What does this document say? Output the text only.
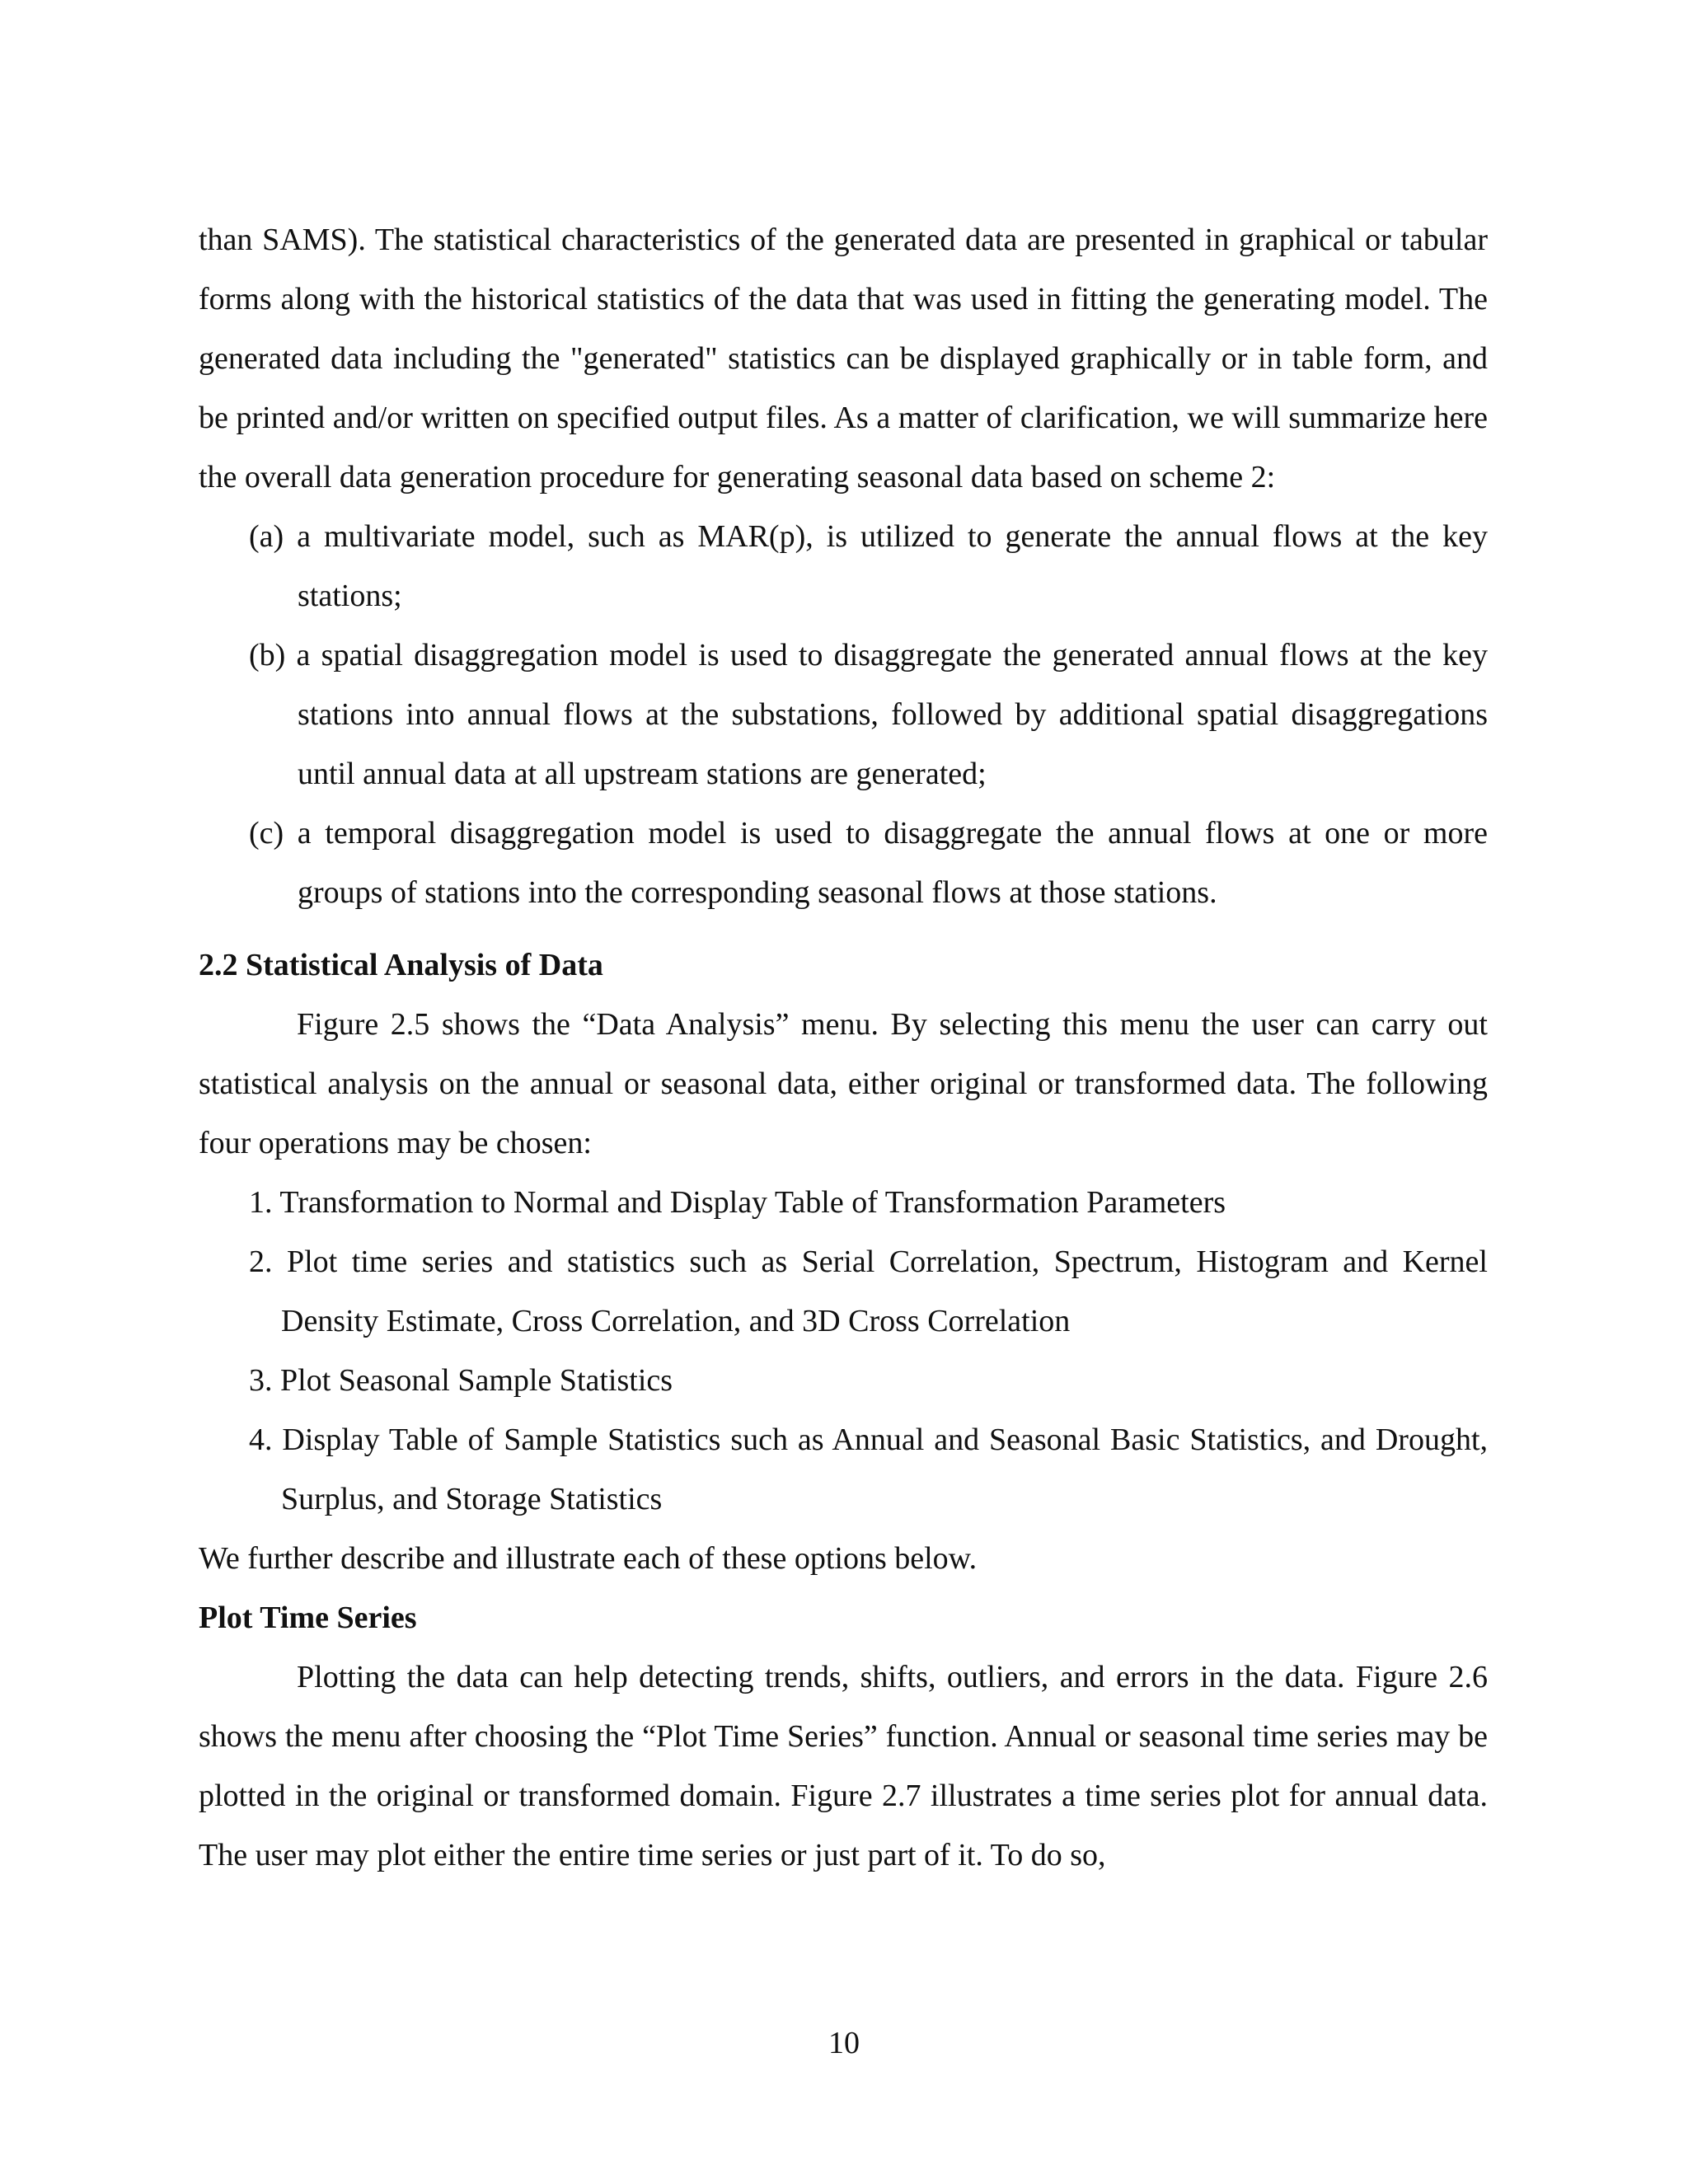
than SAMS). The statistical characteristics of the generated data are presented in graphical or tabular forms along with the historical statistics of the data that was used in fitting the generating model. The generated data including the "generated" statistics can be displayed graphically or in table form, and be printed and/or written on specified output files. As a matter of clarification, we will summarize here the overall data generation procedure for generating seasonal data based on scheme 2:

(a) a multivariate model, such as MAR(p), is utilized to generate the annual flows at the key stations;

(b) a spatial disaggregation model is used to disaggregate the generated annual flows at the key stations into annual flows at the substations, followed by additional spatial disaggregations until annual data at all upstream stations are generated;

(c) a temporal disaggregation model is used to disaggregate the annual flows at one or more groups of stations into the corresponding seasonal flows at those stations.

2.2 Statistical Analysis of Data

Figure 2.5 shows the “Data Analysis” menu. By selecting this menu the user can carry out statistical analysis on the annual or seasonal data, either original or transformed data. The following four operations may be chosen:

1. Transformation to Normal and Display Table of Transformation Parameters

2. Plot time series and statistics such as Serial Correlation, Spectrum, Histogram and Kernel Density Estimate, Cross Correlation, and 3D Cross Correlation

3. Plot Seasonal Sample Statistics

4. Display Table of Sample Statistics such as Annual and Seasonal Basic Statistics, and Drought, Surplus, and Storage Statistics

We further describe and illustrate each of these options below.

Plot Time Series

Plotting the data can help detecting trends, shifts, outliers, and errors in the data. Figure 2.6 shows the menu after choosing the “Plot Time Series” function. Annual or seasonal time series may be plotted in the original or transformed domain. Figure 2.7 illustrates a time series plot for annual data. The user may plot either the entire time series or just part of it. To do so,

10
